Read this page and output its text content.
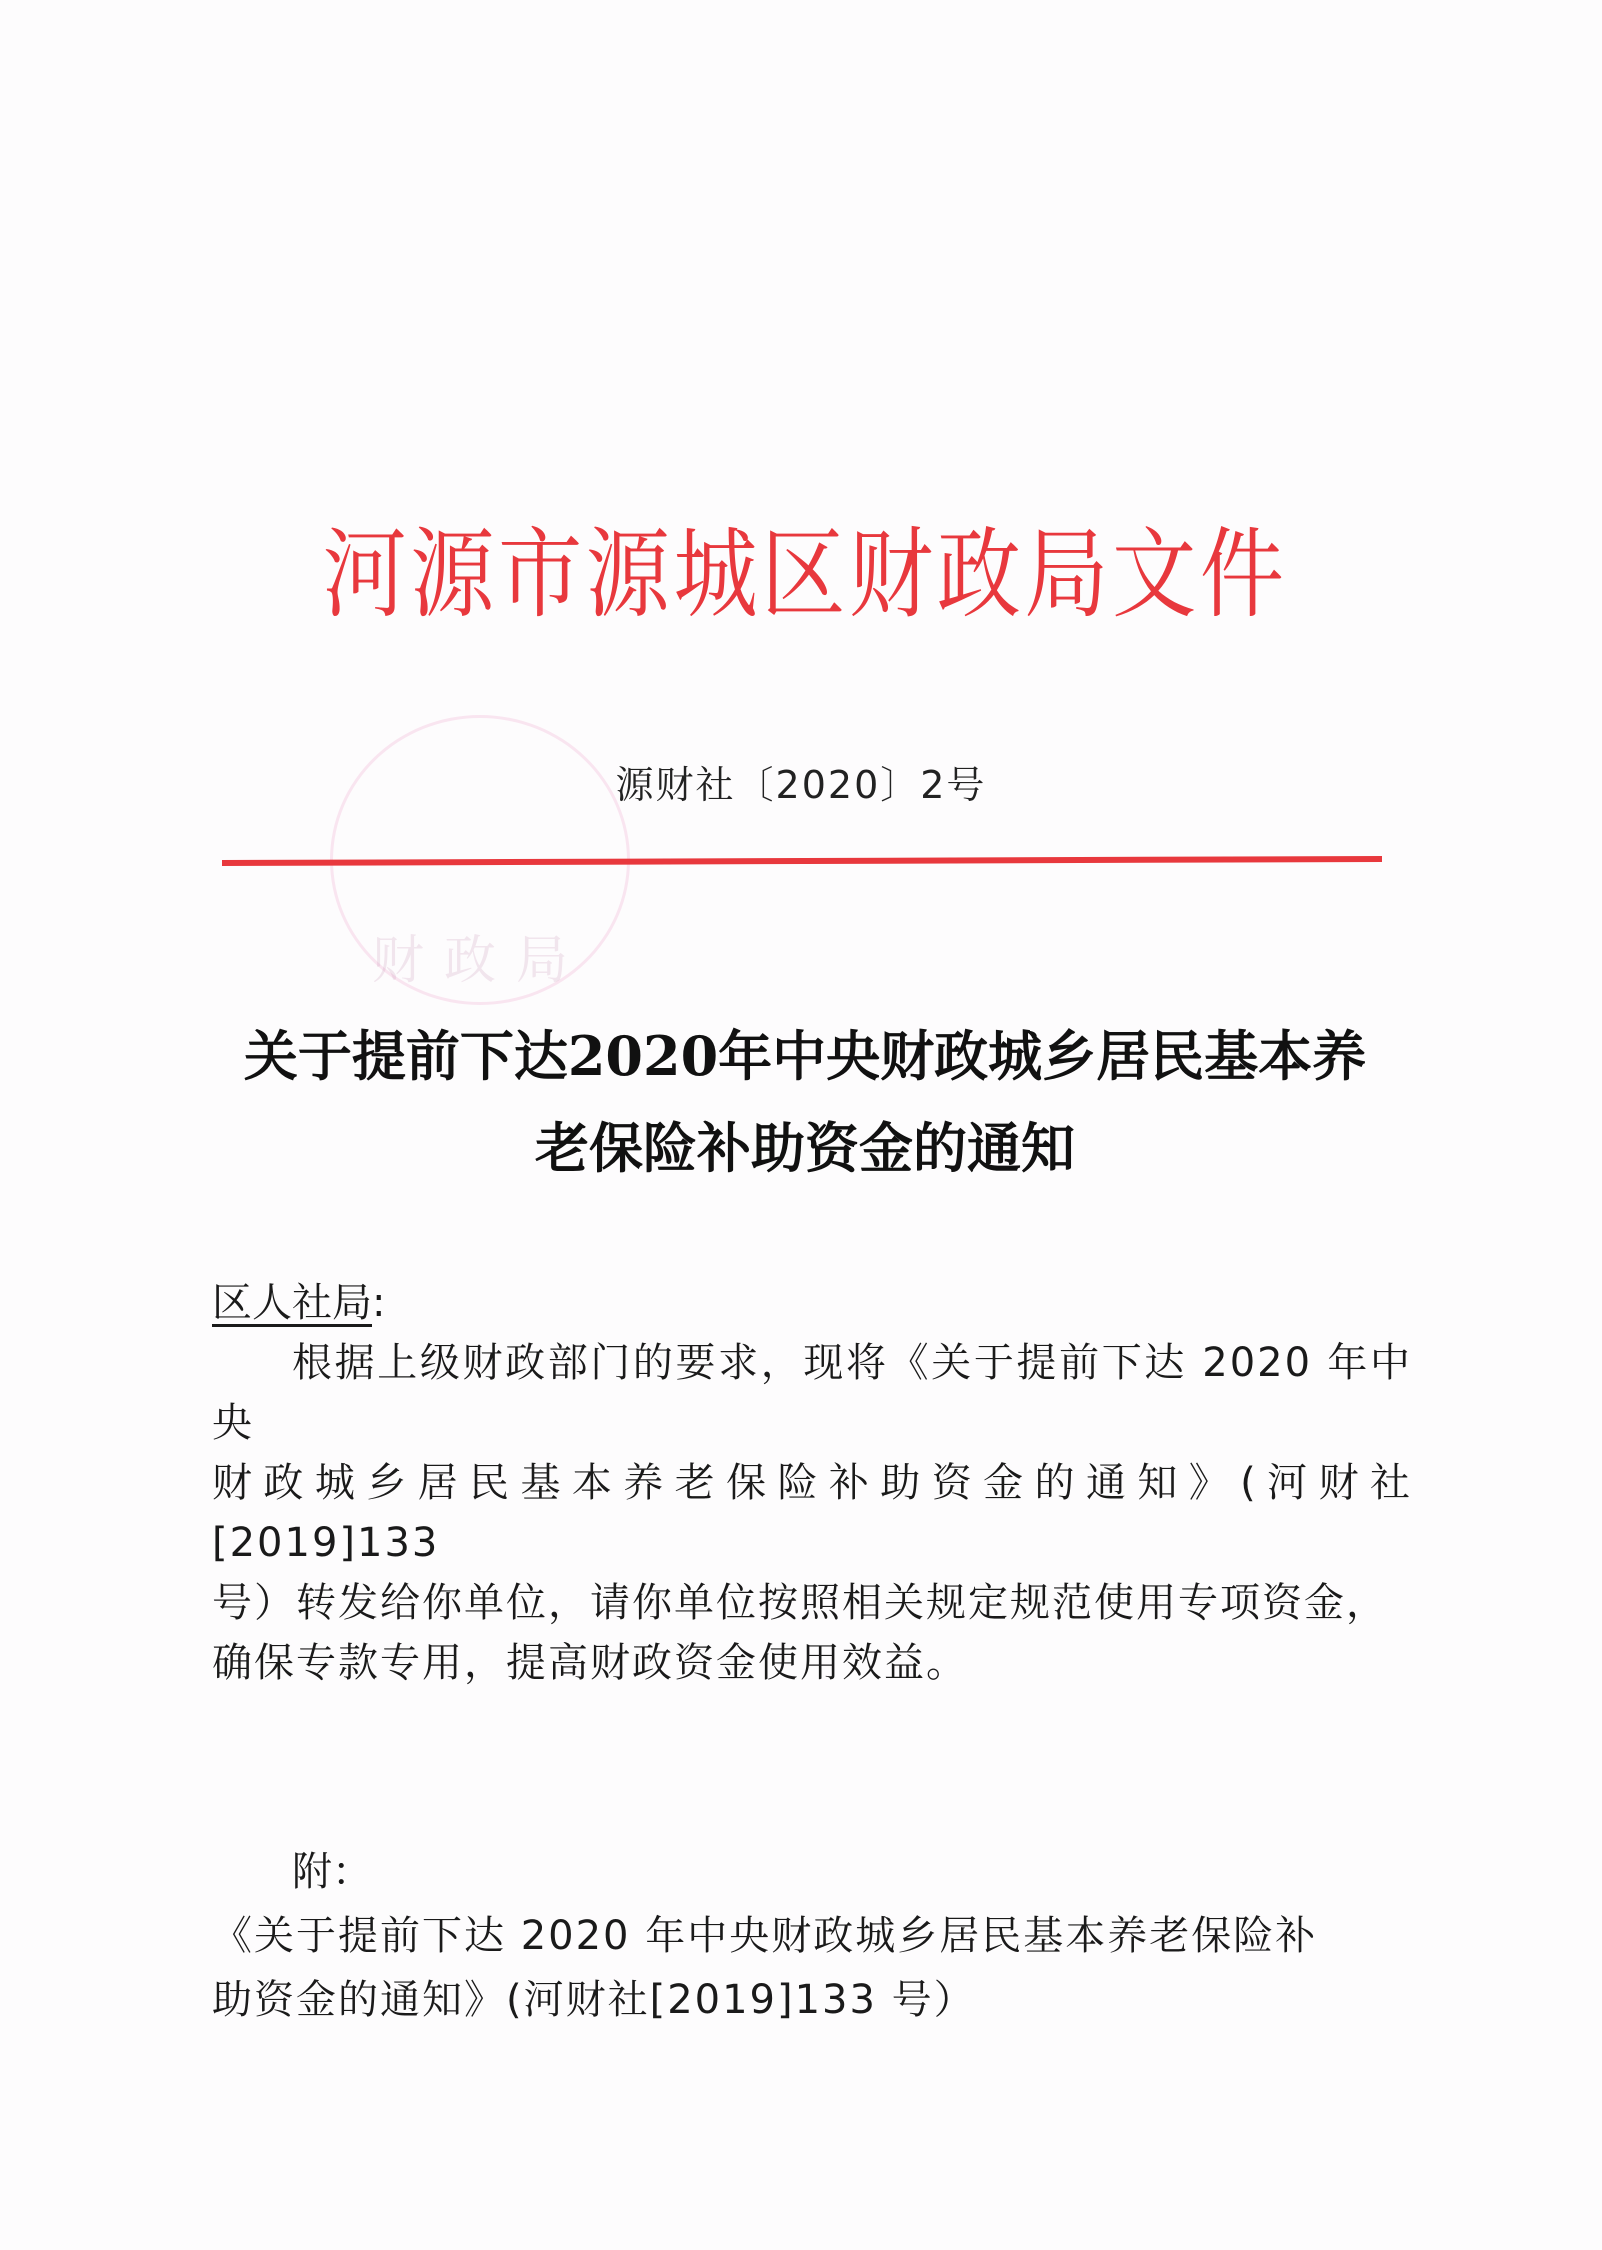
河源市源城区财政局文件
财政局
源财社〔2020〕2号
关于提前下达2020年中央财政城乡居民基本养
老保险补助资金的通知
区人社局:

根据上级财政部门的要求，现将《关于提前下达 2020 年中央
财政城乡居民基本养老保险补助资金的通知》(河财社[2019]133
号）转发给你单位，请你单位按照相关规定规范使用专项资金，
确保专款专用，提高财政资金使用效益。

附：
《关于提前下达 2020 年中央财政城乡居民基本养老保险补
助资金的通知》(河财社[2019]133 号）
